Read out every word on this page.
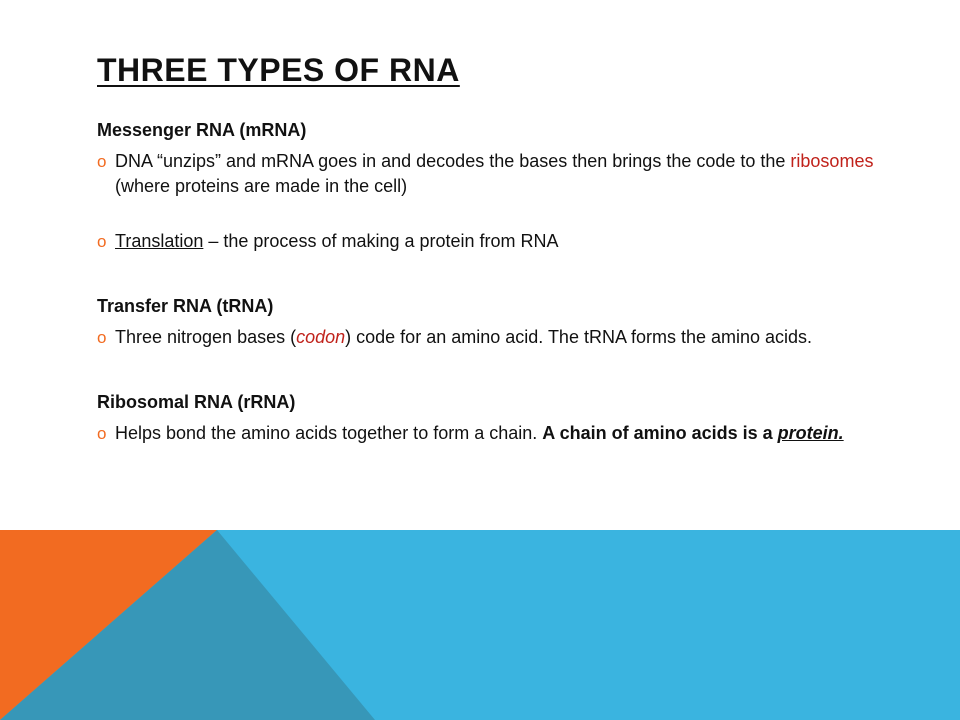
THREE TYPES OF RNA

Messenger RNA (mRNA)

o DNA “unzips” and mRNA goes in and decodes the bases then brings the code to the ribosomes (where proteins are made in the cell)

o Translation – the process of making a protein from RNA

Transfer RNA (tRNA)

o Three nitrogen bases (codon) code for an amino acid. The tRNA forms the amino acids.

Ribosomal RNA (rRNA)

o Helps bond the amino acids together to form a chain. A chain of amino acids is a protein.
